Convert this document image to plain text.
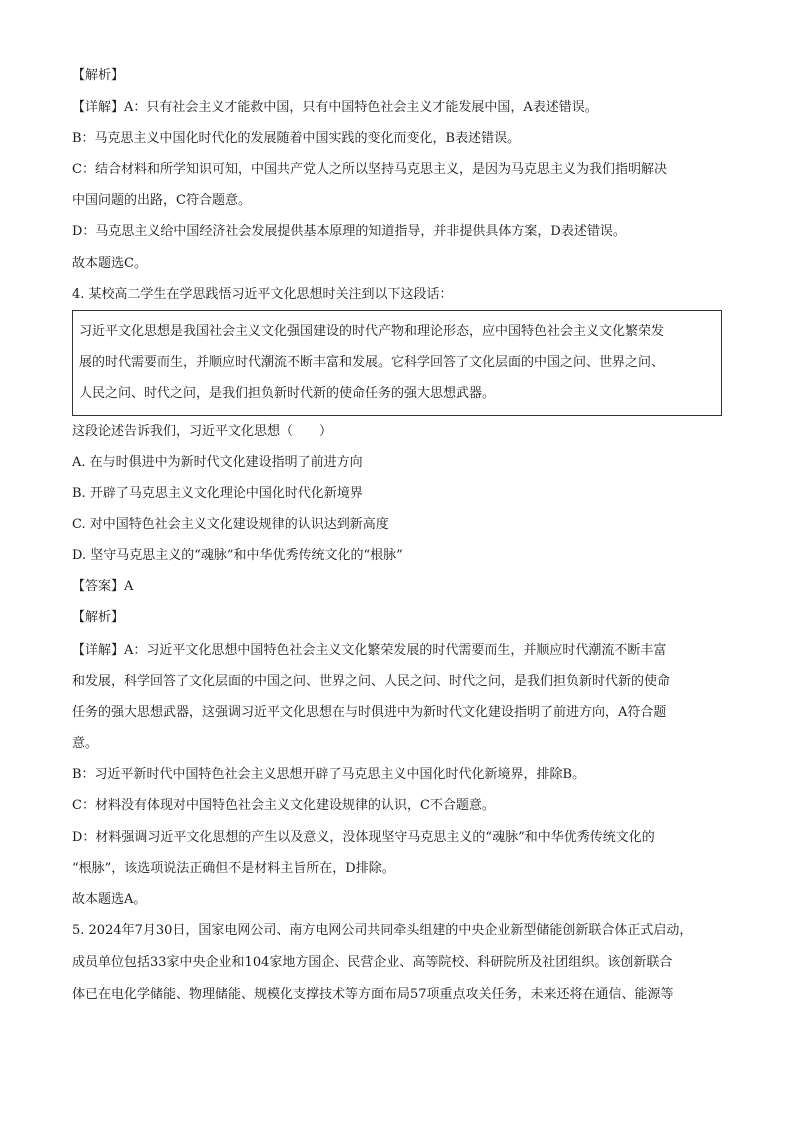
【解析】
【详解】A：只有社会主义才能救中国，只有中国特色社会主义才能发展中国，A表述错误。
B：马克思主义中国化时代化的发展随着中国实践的变化而变化，B表述错误。
C：结合材料和所学知识可知，中国共产党人之所以坚持马克思主义，是因为马克思主义为我们指明解决
中国问题的出路，C符合题意。
D：马克思主义给中国经济社会发展提供基本原理的知道指导，并非提供具体方案，D表述错误。
故本题选C。
4. 某校高二学生在学思践悟习近平文化思想时关注到以下这段话：
习近平文化思想是我国社会主义文化强国建设的时代产物和理论形态，应中国特色社会主义文化繁荣发
展的时代需要而生，并顺应时代潮流不断丰富和发展。它科学回答了文化层面的中国之问、世界之问、
人民之问、时代之问，是我们担负新时代新的使命任务的强大思想武器。
这段论述告诉我们，习近平文化思想（　　）
A. 在与时俱进中为新时代文化建设指明了前进方向
B. 开辟了马克思主义文化理论中国化时代化新境界
C. 对中国特色社会主义文化建设规律的认识达到新高度
D. 坚守马克思主义的“魂脉”和中华优秀传统文化的“根脉”
【答案】A
【解析】
【详解】A：习近平文化思想中国特色社会主义文化繁荣发展的时代需要而生，并顺应时代潮流不断丰富
和发展，科学回答了文化层面的中国之问、世界之问、人民之问、时代之问，是我们担负新时代新的使命
任务的强大思想武器，这强调习近平文化思想在与时俱进中为新时代文化建设指明了前进方向，A符合题
意。
B：习近平新时代中国特色社会主义思想开辟了马克思主义中国化时代化新境界，排除B。
C：材料没有体现对中国特色社会主义文化建设规律的认识，C不合题意。
D：材料强调习近平文化思想的产生以及意义，没体现坚守马克思主义的“魂脉”和中华优秀传统文化的
“根脉”，该选项说法正确但不是材料主旨所在，D排除。
故本题选A。
5. 2024年7月30日，国家电网公司、南方电网公司共同牵头组建的中央企业新型储能创新联合体正式启动，
成员单位包括33家中央企业和104家地方国企、民营企业、高等院校、科研院所及社团组织。该创新联合
体已在电化学储能、物理储能、规模化支撑技术等方面布局57项重点攻关任务，未来还将在通信、能源等
